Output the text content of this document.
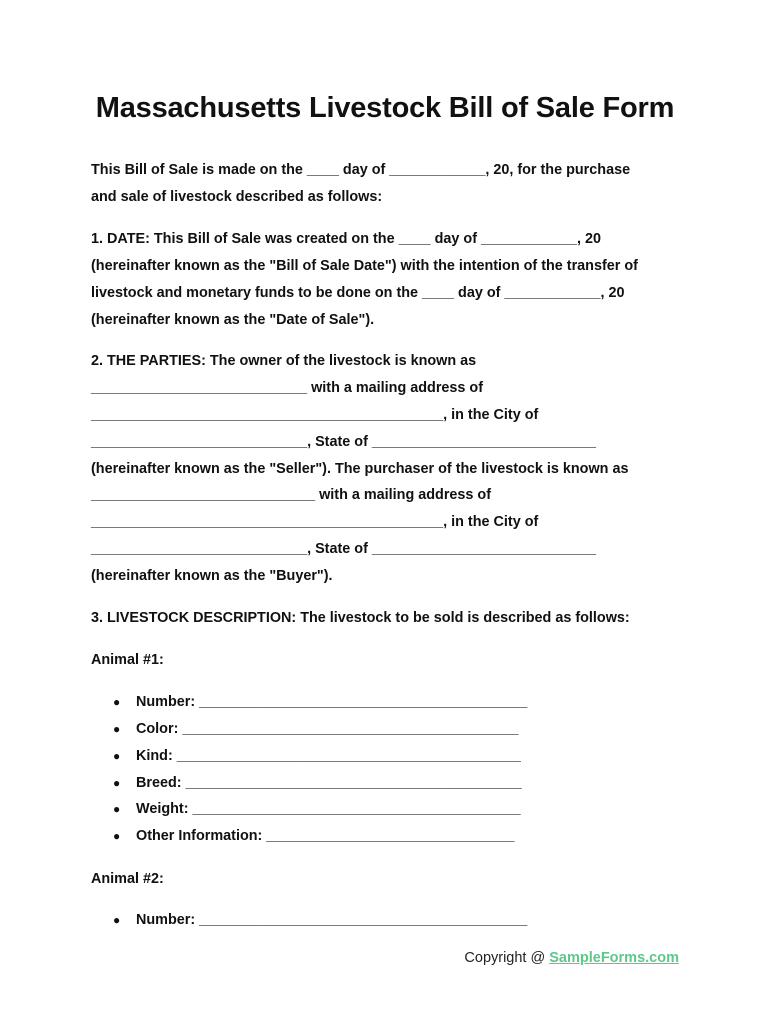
Massachusetts Livestock Bill of Sale Form
This Bill of Sale is made on the ____ day of ____________, 20, for the purchase
and sale of livestock described as follows:
1. DATE: This Bill of Sale was created on the ____ day of ____________, 20
(hereinafter known as the "Bill of Sale Date") with the intention of the transfer of
livestock and monetary funds to be done on the ____ day of ____________, 20
(hereinafter known as the "Date of Sale").
2. THE PARTIES: The owner of the livestock is known as
___________________________ with a mailing address of
____________________________________________, in the City of
___________________________, State of ____________________________
(hereinafter known as the "Seller"). The purchaser of the livestock is known as
____________________________ with a mailing address of
____________________________________________, in the City of
___________________________, State of ____________________________
(hereinafter known as the "Buyer").
3. LIVESTOCK DESCRIPTION: The livestock to be sold is described as follows:
Animal #1:
● Number: _________________________________________
● Color: __________________________________________
● Kind: ___________________________________________
● Breed: __________________________________________
● Weight: _________________________________________
● Other Information: _______________________________
Animal #2:
● Number: _________________________________________
Copyright @ SampleForms.com
